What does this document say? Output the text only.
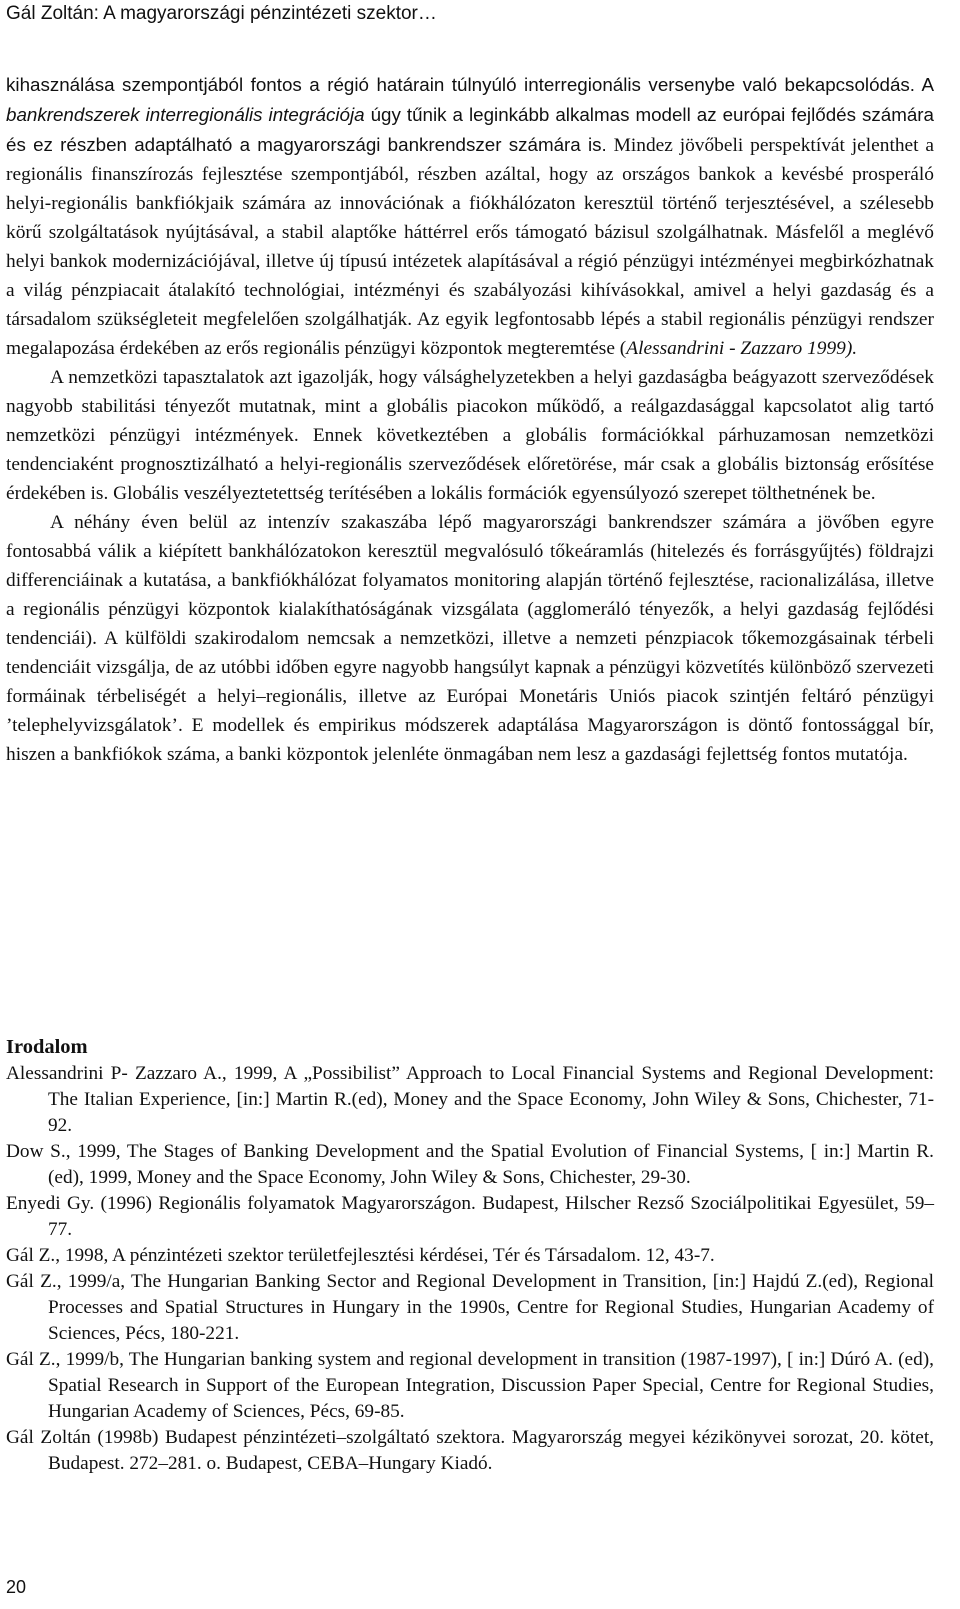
Gál Zoltán: A magyarországi pénzintézeti szektor…

kihasználása szempontjából fontos a régió határain túlnyúló interregionális versenybe való bekapcsolódás. A bankrendszerek interregionális integrációja úgy tűnik a leginkább alkalmas modell az európai fejlődés számára és ez részben adaptálható a magyarországi bankrendszer számára is. Mindez jövőbeli perspektívát jelenthet a regionális finanszírozás fejlesztése szempontjából, részben azáltal, hogy az országos bankok a kevésbé prosperáló helyi-regionális bankfiókjaik számára az innovációnak a fiókhálózaton keresztül történő terjesztésével, a szélesebb körű szolgáltatások nyújtásával, a stabil alaptőke háttérrel erős támogató bázisul szolgálhatnak. Másfelől a meglévő helyi bankok modernizációjával, illetve új típusú intézetek alapításával a régió pénzügyi intézményei megbirkózhatnak a világ pénzpiacait átalakító technológiai, intézményi és szabályozási kihívásokkal, amivel a helyi gazdaság és a társadalom szükségleteit megfelelően szolgálhatják. Az egyik legfontosabb lépés a stabil regionális pénzügyi rendszer megalapozása érdekében az erős regionális pénzügyi központok megteremtése (Alessandrini - Zazzaro 1999).

A nemzetközi tapasztalatok azt igazolják, hogy válsághelyzetekben a helyi gazdaságba beágyazott szerveződések nagyobb stabilitási tényezőt mutatnak, mint a globális piacokon működő, a reálgazdasággal kapcsolatot alig tartó nemzetközi pénzügyi intézmények. Ennek következtében a globális formációkkal párhuzamosan nemzetközi tendenciaként prognosztizálható a helyi-regionális szerveződések előretörése, már csak a globális biztonság erősítése érdekében is. Globális veszélyeztetettség terítésében a lokális formációk egyensúlyozó szerepet tölthetnének be.

A néhány éven belül az intenzív szakaszába lépő magyarországi bankrendszer számára a jövőben egyre fontosabbá válik a kiépített bankhálózatokon keresztül megvalósuló tőkeáramlás (hitelezés és forrásgyűjtés) földrajzi differenciáinak a kutatása, a bankfiókhálózat folyamatos monitoring alapján történő fejlesztése, racionalizálása, illetve a regionális pénzügyi központok kialakíthatóságának vizsgálata (agglomeráló tényezők, a helyi gazdaság fejlődési tendenciái). A külföldi szakirodalom nemcsak a nemzetközi, illetve a nemzeti pénzpiacok tőkemozgásainak térbeli tendenciáit vizsgálja, de az utóbbi időben egyre nagyobb hangsúlyt kapnak a pénzügyi közvetítés különböző szervezeti formáinak térbeliségét a helyi–regionális, illetve az Európai Monetáris Uniós piacok szintjén feltáró pénzügyi ’telephelyvizsgálatok’. E modellek és empirikus módszerek adaptálása Magyarországon is döntő fontossággal bír, hiszen a bankfiókok száma, a banki központok jelenléte önmagában nem lesz a gazdasági fejlettség fontos mutatója.

Irodalom

Alessandrini P- Zazzaro A., 1999, A „Possibilist” Approach to Local Financial Systems and Regional Development: The Italian Experience, [in:] Martin R.(ed), Money and the Space Economy, John Wiley & Sons, Chichester, 71-92.

Dow S., 1999, The Stages of Banking Development and the Spatial Evolution of Financial Systems, [ in:] Martin R.(ed), 1999, Money and the Space Economy, John Wiley & Sons, Chichester, 29-30.

Enyedi Gy. (1996) Regionális folyamatok Magyarországon. Budapest, Hilscher Rezső Szociálpolitikai Egyesület, 59–77.

Gál Z., 1998, A pénzintézeti szektor területfejlesztési kérdései, Tér és Társadalom. 12, 43-7.

Gál Z., 1999/a, The Hungarian Banking Sector and Regional Development in Transition, [in:] Hajdú Z.(ed), Regional Processes and Spatial Structures in Hungary in the 1990s, Centre for Regional Studies, Hungarian Academy of Sciences, Pécs, 180-221.

Gál Z., 1999/b, The Hungarian banking system and regional development in transition (1987-1997), [ in:] Dúró A. (ed), Spatial Research in Support of the European Integration, Discussion Paper Special, Centre for Regional Studies, Hungarian Academy of Sciences, Pécs, 69-85.

Gál Zoltán (1998b) Budapest pénzintézeti–szolgáltató szektora. Magyarország megyei kézikönyvei sorozat, 20. kötet, Budapest. 272–281. o. Budapest, CEBA–Hungary Kiadó.

20
